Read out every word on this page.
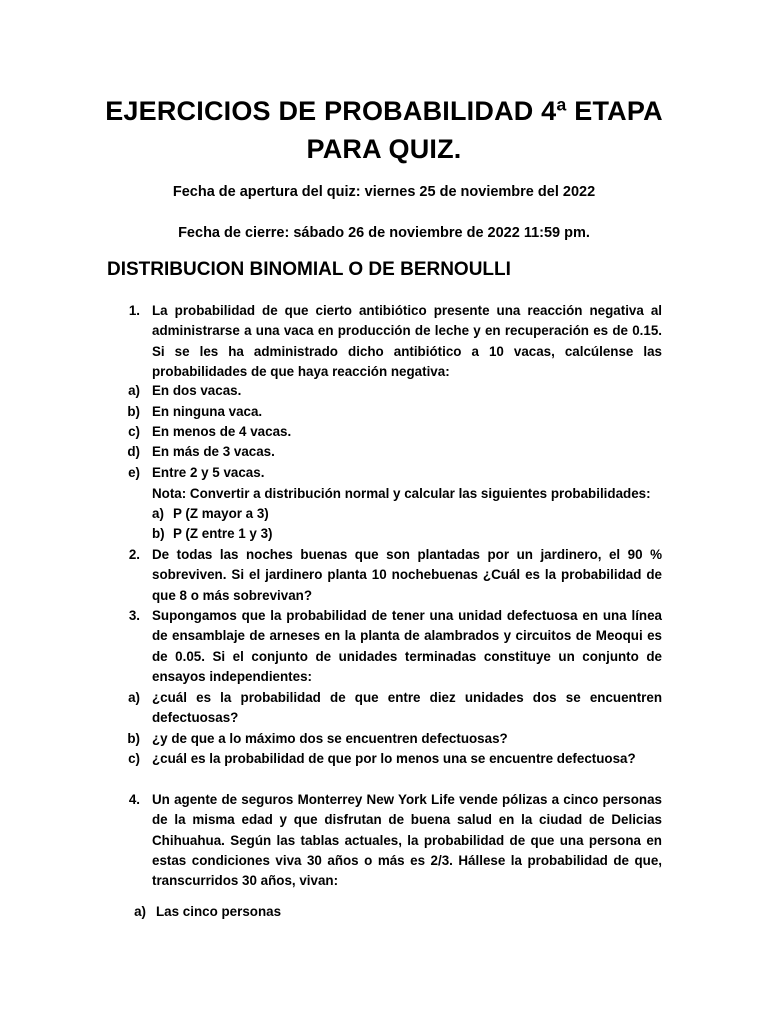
EJERCICIOS DE PROBABILIDAD 4ª ETAPA
PARA QUIZ.
Fecha de apertura del quiz: viernes 25 de noviembre del 2022
Fecha de cierre: sábado 26 de noviembre de 2022 11:59 pm.
DISTRIBUCION BINOMIAL O DE BERNOULLI
1. La probabilidad de que cierto antibiótico presente una reacción negativa al administrarse a una vaca en producción de leche y en recuperación es de 0.15. Si se les ha administrado dicho antibiótico a 10 vacas, calcúlense las probabilidades de que haya reacción negativa:
a) En dos vacas.
b) En ninguna vaca.
c) En menos de 4 vacas.
d) En más de 3 vacas.
e) Entre 2 y 5 vacas.
Nota: Convertir a distribución normal y calcular las siguientes probabilidades:
a) P (Z mayor a 3)
b) P (Z entre 1 y 3)
2. De todas las noches buenas que son plantadas por un jardinero, el 90 % sobreviven. Si el jardinero planta 10 nochebuenas ¿Cuál es la probabilidad de que 8 o más sobrevivan?
3. Supongamos que la probabilidad de tener una unidad defectuosa en una línea de ensamblaje de arneses en la planta de alambrados y circuitos de Meoqui es de 0.05. Si el conjunto de unidades terminadas constituye un conjunto de ensayos independientes:
a) ¿cuál es la probabilidad de que entre diez unidades dos se encuentren defectuosas?
b) ¿y de que a lo máximo dos se encuentren defectuosas?
c) ¿cuál es la probabilidad de que por lo menos una se encuentre defectuosa?
4. Un agente de seguros Monterrey New York Life vende pólizas a cinco personas de la misma edad y que disfrutan de buena salud en la ciudad de Delicias Chihuahua. Según las tablas actuales, la probabilidad de que una persona en estas condiciones viva 30 años o más es 2/3. Hállese la probabilidad de que, transcurridos 30 años, vivan:
a) Las cinco personas
